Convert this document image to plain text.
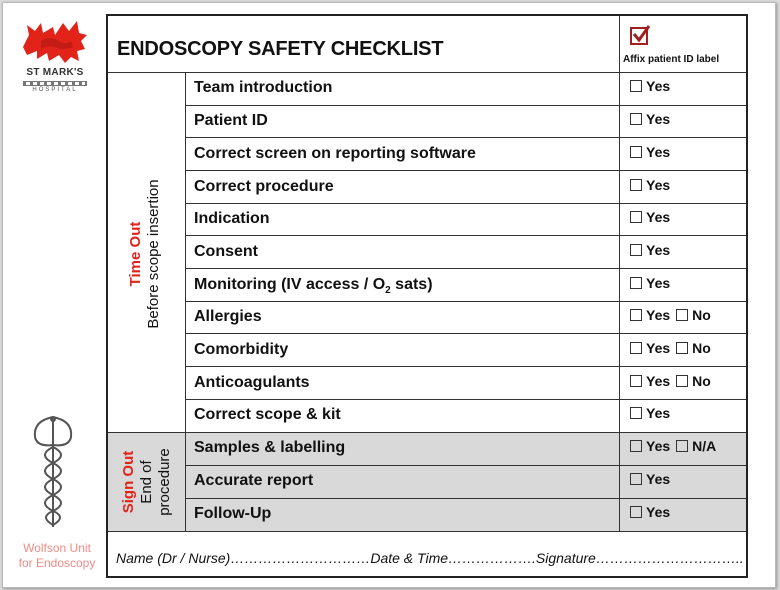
ST MARK'S
HOSPITAL
Wolfson Unit
for Endoscopy
ENDOSCOPY SAFETY CHECKLIST	Affix patient ID label
Time Out Before scope insertion
Sign Out End of procedure
Team introduction	Yes
Patient ID	Yes
Correct screen on reporting software	Yes
Correct procedure	Yes
Indication	Yes
Consent	Yes
Monitoring (IV access / $O_2$ sats)	Yes
Allergies	Yes No
Comorbidity	Yes No
Anticoagulants	Yes No
Correct scope & kit	Yes
Samples & labelling	Yes N/A
Accurate report	Yes
Follow-Up	Yes
Name (Dr / Nurse)…………………………Date & Time……………….Signature…………………………..
